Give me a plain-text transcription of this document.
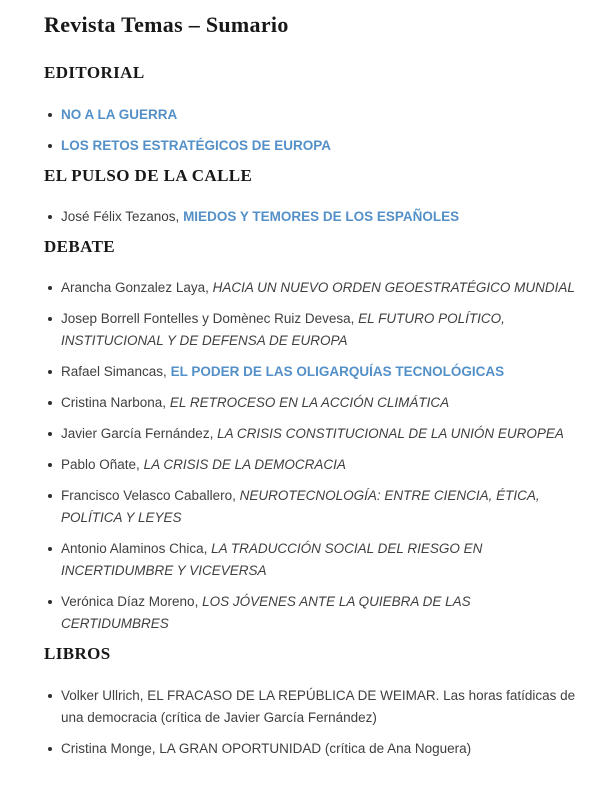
Revista Temas – Sumario
EDITORIAL
NO A LA GUERRA
LOS RETOS ESTRATÉGICOS DE EUROPA
EL PULSO DE LA CALLE
José Félix Tezanos, MIEDOS Y TEMORES DE LOS ESPAÑOLES
DEBATE
Arancha Gonzalez Laya, HACIA UN NUEVO ORDEN GEOESTRATÉGICO MUNDIAL
Josep Borrell Fontelles y Domènec Ruiz Devesa, EL FUTURO POLÍTICO, INSTITUCIONAL Y DE DEFENSA DE EUROPA
Rafael Simancas, EL PODER DE LAS OLIGARQUÍAS TECNOLÓGICAS
Cristina Narbona, EL RETROCESO EN LA ACCIÓN CLIMÁTICA
Javier García Fernández, LA CRISIS CONSTITUCIONAL DE LA UNIÓN EUROPEA
Pablo Oñate, LA CRISIS DE LA DEMOCRACIA
Francisco Velasco Caballero, NEUROTECNOLOGÍA: ENTRE CIENCIA, ÉTICA, POLÍTICA Y LEYES
Antonio Alaminos Chica, LA TRADUCCIÓN SOCIAL DEL RIESGO EN INCERTIDUMBRE Y VICEVERSA
Verónica Díaz Moreno, LOS JÓVENES ANTE LA QUIEBRA DE LAS CERTIDUMBRES
LIBROS
Volker Ullrich, EL FRACASO DE LA REPÚBLICA DE WEIMAR. Las horas fatídicas de una democracia (crítica de Javier García Fernández)
Cristina Monge, LA GRAN OPORTUNIDAD (crítica de Ana Noguera)
